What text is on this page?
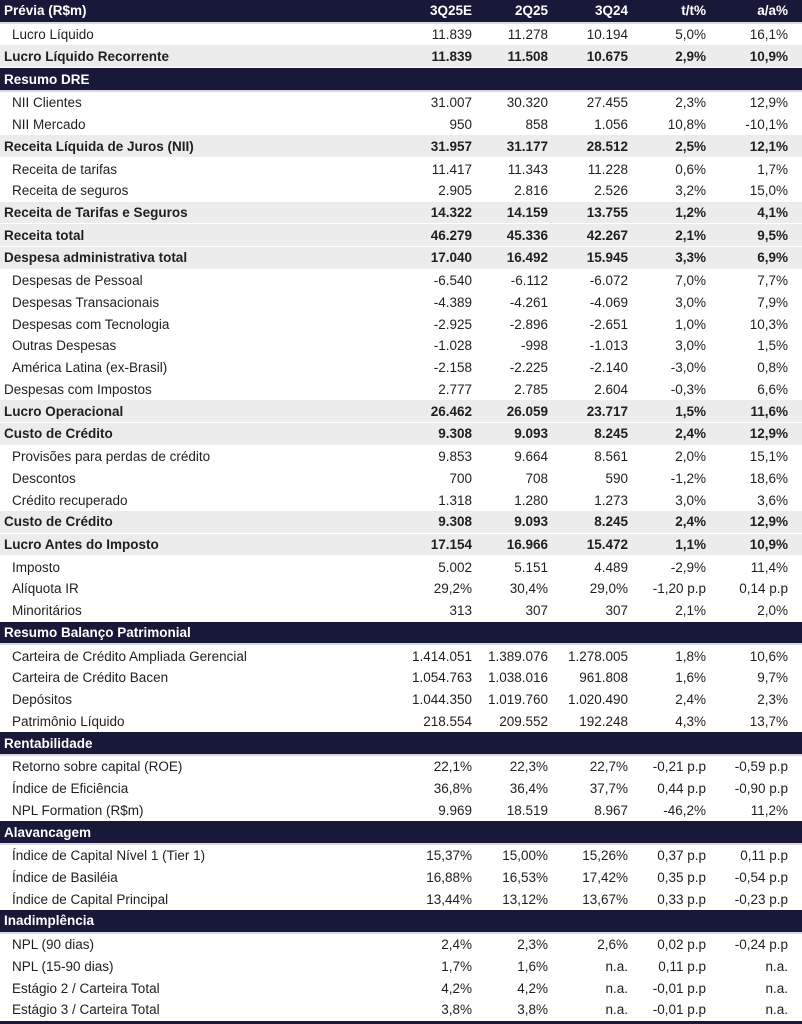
Prévia (R$m)	3Q25E	2Q25	3Q24	t/t%	a/a%
Lucro Líquido	11.839	11.278	10.194	5,0%	16,1%
Lucro Líquido Recorrente	11.839	11.508	10.675	2,9%	10,9%
Resumo DRE
NII Clientes	31.007	30.320	27.455	2,3%	12,9%
NII Mercado	950	858	1.056	10,8%	-10,1%
Receita Líquida de Juros (NII)	31.957	31.177	28.512	2,5%	12,1%
Receita de tarifas	11.417	11.343	11.228	0,6%	1,7%
Receita de seguros	2.905	2.816	2.526	3,2%	15,0%
Receita de Tarifas e Seguros	14.322	14.159	13.755	1,2%	4,1%
Receita total	46.279	45.336	42.267	2,1%	9,5%
Despesa administrativa total	17.040	16.492	15.945	3,3%	6,9%
Despesas de Pessoal	-6.540	-6.112	-6.072	7,0%	7,7%
Despesas Transacionais	-4.389	-4.261	-4.069	3,0%	7,9%
Despesas com Tecnologia	-2.925	-2.896	-2.651	1,0%	10,3%
Outras Despesas	-1.028	-998	-1.013	3,0%	1,5%
América Latina (ex-Brasil)	-2.158	-2.225	-2.140	-3,0%	0,8%
Despesas com Impostos	2.777	2.785	2.604	-0,3%	6,6%
Lucro Operacional	26.462	26.059	23.717	1,5%	11,6%
Custo de Crédito	9.308	9.093	8.245	2,4%	12,9%
Provisões para perdas de crédito	9.853	9.664	8.561	2,0%	15,1%
Descontos	700	708	590	-1,2%	18,6%
Crédito recuperado	1.318	1.280	1.273	3,0%	3,6%
Custo de Crédito	9.308	9.093	8.245	2,4%	12,9%
Lucro Antes do Imposto	17.154	16.966	15.472	1,1%	10,9%
Imposto	5.002	5.151	4.489	-2,9%	11,4%
Alíquota IR	29,2%	30,4%	29,0%	-1,20 p.p	0,14 p.p
Minoritários	313	307	307	2,1%	2,0%
Resumo Balanço Patrimonial
Carteira de Crédito Ampliada Gerencial	1.414.051	1.389.076	1.278.005	1,8%	10,6%
Carteira de Crédito Bacen	1.054.763	1.038.016	961.808	1,6%	9,7%
Depósitos	1.044.350	1.019.760	1.020.490	2,4%	2,3%
Patrimônio Líquido	218.554	209.552	192.248	4,3%	13,7%
Rentabilidade
Retorno sobre capital (ROE)	22,1%	22,3%	22,7%	-0,21 p.p	-0,59 p.p
Índice de Eficiência	36,8%	36,4%	37,7%	0,44 p.p	-0,90 p.p
NPL Formation (R$m)	9.969	18.519	8.967	-46,2%	11,2%
Alavancagem
Índice de Capital Nível 1 (Tier 1)	15,37%	15,00%	15,26%	0,37 p.p	0,11 p.p
Índice de Basiléia	16,88%	16,53%	17,42%	0,35 p.p	-0,54 p.p
Índice de Capital Principal	13,44%	13,12%	13,67%	0,33 p.p	-0,23 p.p
Inadimplência
NPL (90 dias)	2,4%	2,3%	2,6%	0,02 p.p	-0,24 p.p
NPL (15-90 dias)	1,7%	1,6%	n.a.	0,11 p.p	n.a.
Estágio 2 / Carteira Total	4,2%	4,2%	n.a.	-0,01 p.p	n.a.
Estágio 3 / Carteira Total	3,8%	3,8%	n.a.	-0,01 p.p	n.a.
